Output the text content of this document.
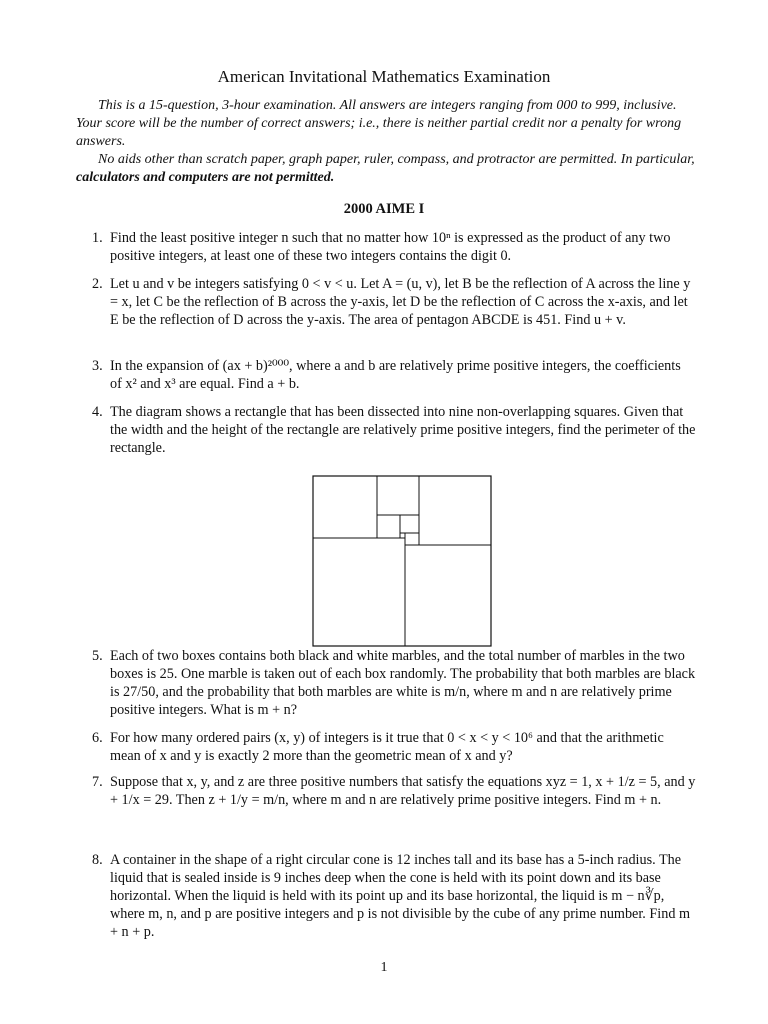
American Invitational Mathematics Examination

This is a 15-question, 3-hour examination. All answers are integers ranging from 000 to 999, inclusive. Your score will be the number of correct answers; i.e., there is neither partial credit nor a penalty for wrong answers.

No aids other than scratch paper, graph paper, ruler, compass, and protractor are permitted. In particular, calculators and computers are not permitted.

2000 AIME I
1. Find the least positive integer n such that no matter how 10ⁿ is expressed as the product of any two positive integers, at least one of these two integers contains the digit 0.
2. Let u and v be integers satisfying 0 < v < u. Let A = (u, v), let B be the reflection of A across the line y = x, let C be the reflection of B across the y-axis, let D be the reflection of C across the x-axis, and let E be the reflection of D across the y-axis. The area of pentagon ABCDE is 451. Find u + v.
3. In the expansion of (ax + b)²⁰⁰⁰, where a and b are relatively prime positive integers, the coefficients of x² and x³ are equal. Find a + b.
4. The diagram shows a rectangle that has been dissected into nine non-overlapping squares. Given that the width and the height of the rectangle are relatively prime positive integers, find the perimeter of the rectangle.
5. Each of two boxes contains both black and white marbles, and the total number of marbles in the two boxes is 25. One marble is taken out of each box randomly. The probability that both marbles are black is 27/50, and the probability that both marbles are white is m/n, where m and n are relatively prime positive integers. What is m + n?
6. For how many ordered pairs (x, y) of integers is it true that 0 < x < y < 10⁶ and that the arithmetic mean of x and y is exactly 2 more than the geometric mean of x and y?
7. Suppose that x, y, and z are three positive numbers that satisfy the equations xyz = 1, x + 1/z = 5, and y + 1/x = 29. Then z + 1/y = m/n, where m and n are relatively prime positive integers. Find m + n.
8. A container in the shape of a right circular cone is 12 inches tall and its base has a 5-inch radius. The liquid that is sealed inside is 9 inches deep when the cone is held with its point down and its base horizontal. When the liquid is held with its point up and its base horizontal, the liquid is m − n∛p, where m, n, and p are positive integers and p is not divisible by the cube of any prime number. Find m + n + p.
1
